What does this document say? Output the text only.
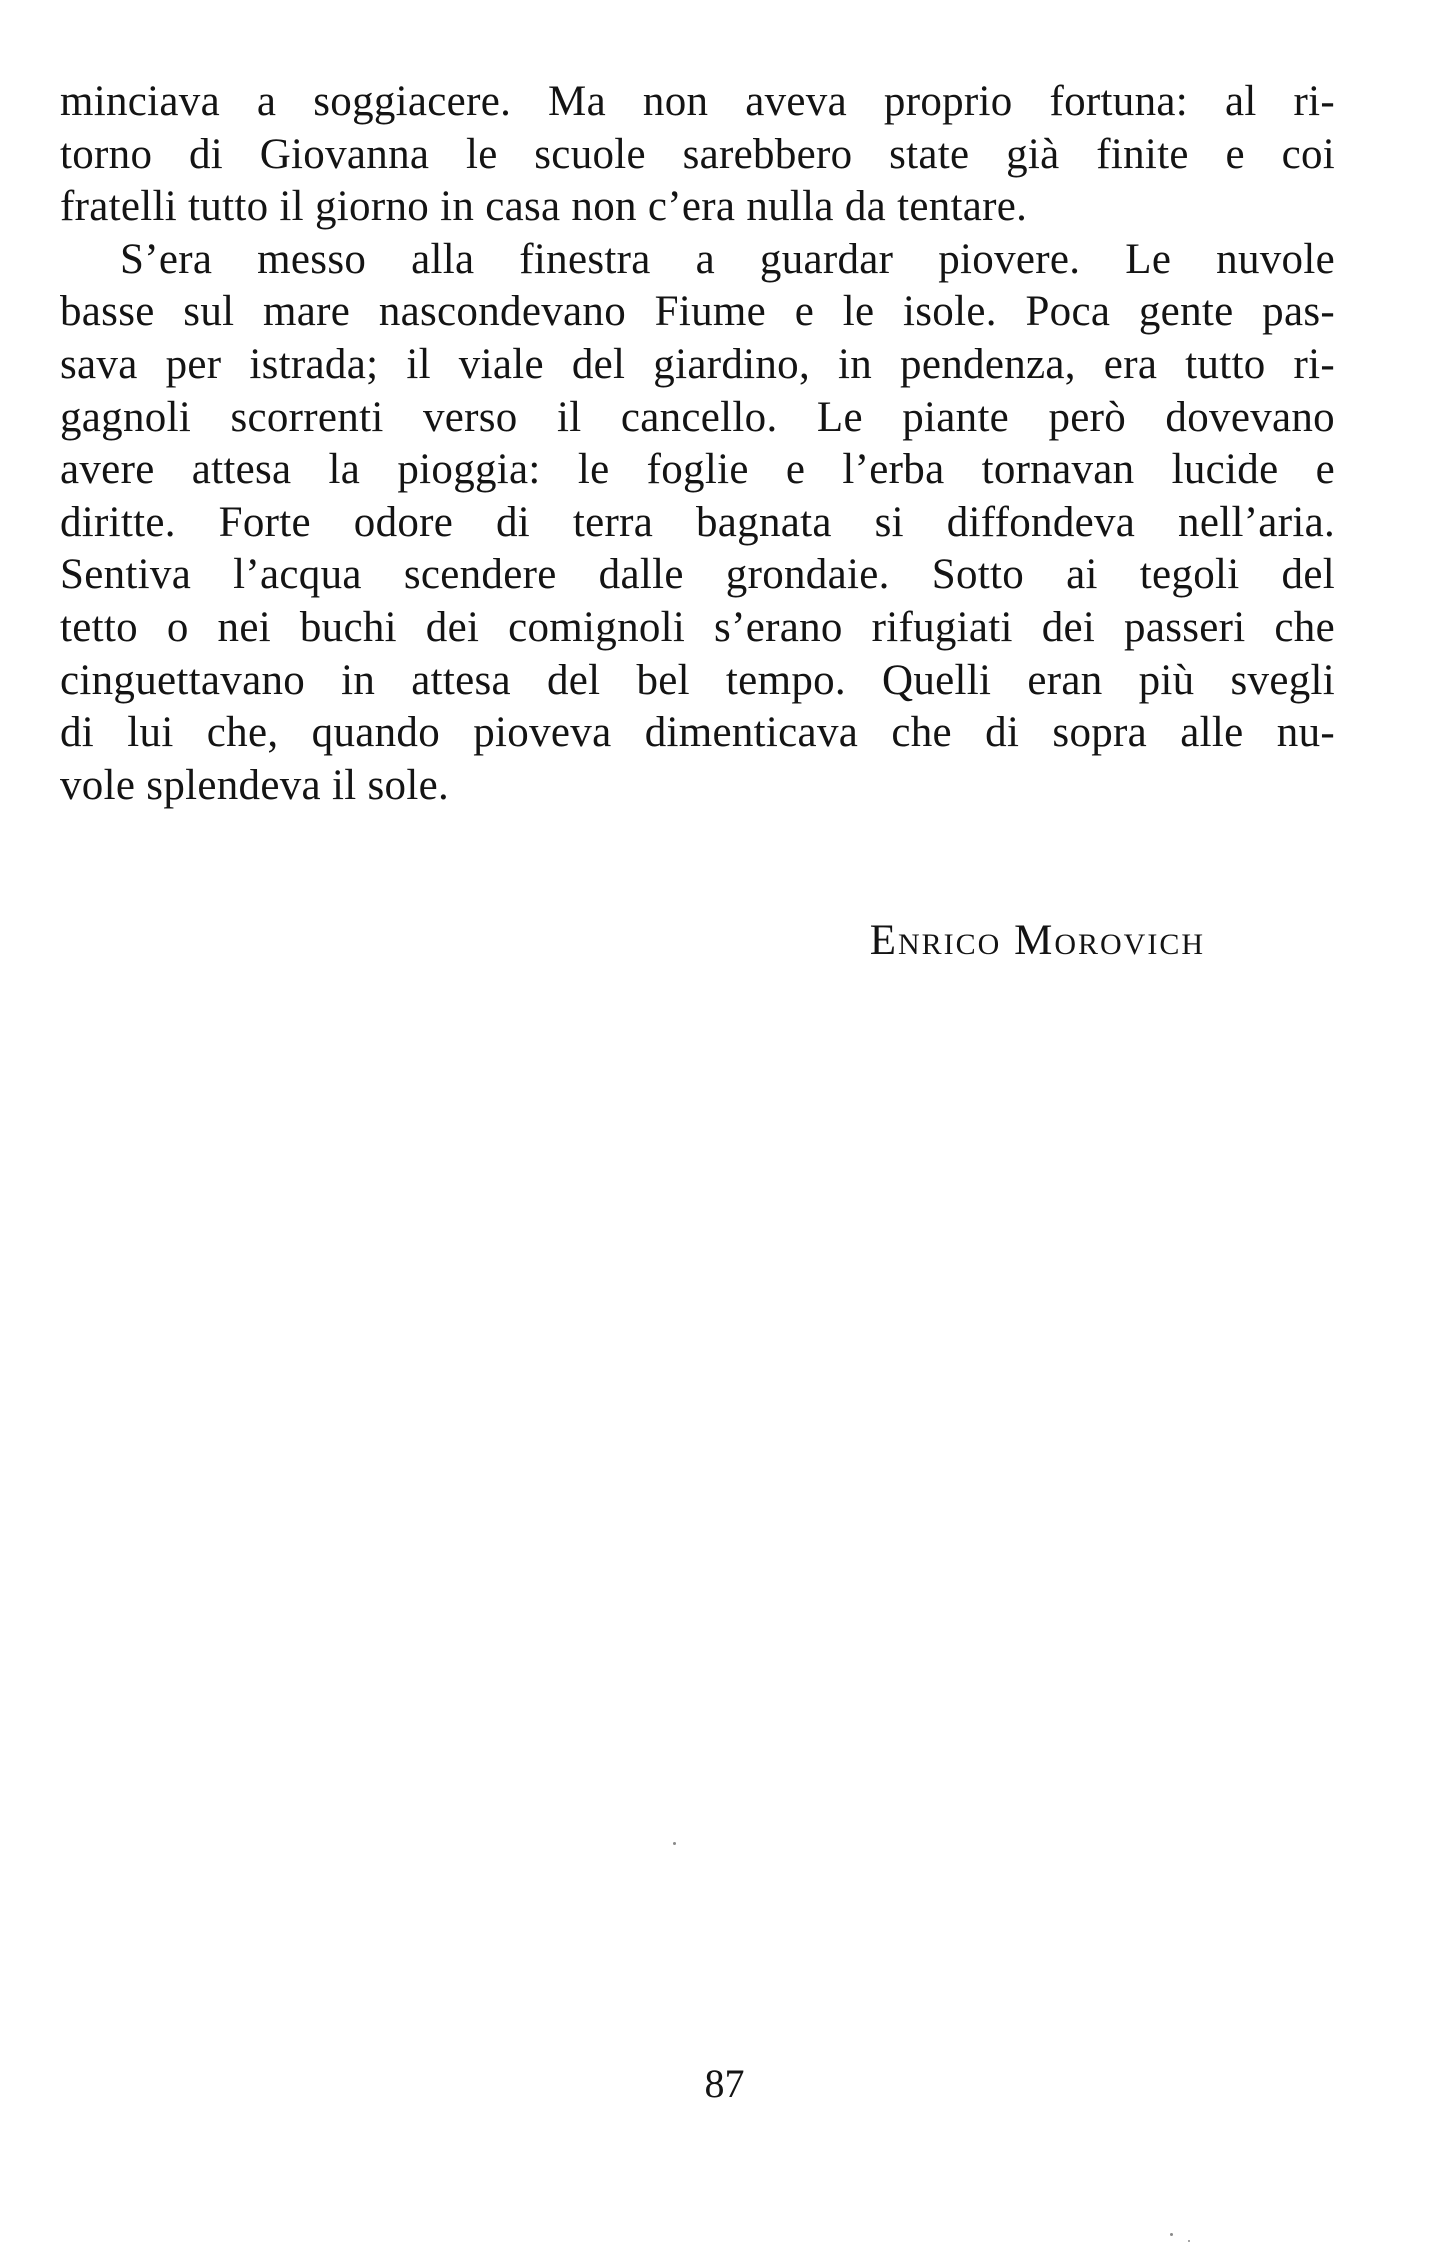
minciava a soggiacere. Ma non aveva proprio fortuna: al ri-
torno di Giovanna le scuole sarebbero state già finite e coi
fratelli tutto il giorno in casa non c’era nulla da tentare.
S’era messo alla finestra a guardar piovere. Le nuvole
basse sul mare nascondevano Fiume e le isole. Poca gente pas-
sava per istrada; il viale del giardino, in pendenza, era tutto ri-
gagnoli scorrenti verso il cancello. Le piante però dovevano
avere attesa la pioggia: le foglie e l’erba tornavan lucide e
diritte. Forte odore di terra bagnata si diffondeva nell’aria.
Sentiva l’acqua scendere dalle grondaie. Sotto ai tegoli del
tetto o nei buchi dei comignoli s’erano rifugiati dei passeri che
cinguettavano in attesa del bel tempo. Quelli eran più svegli
di lui che, quando pioveva dimenticava che di sopra alle nu-
vole splendeva il sole.
Enrico Morovich
87
